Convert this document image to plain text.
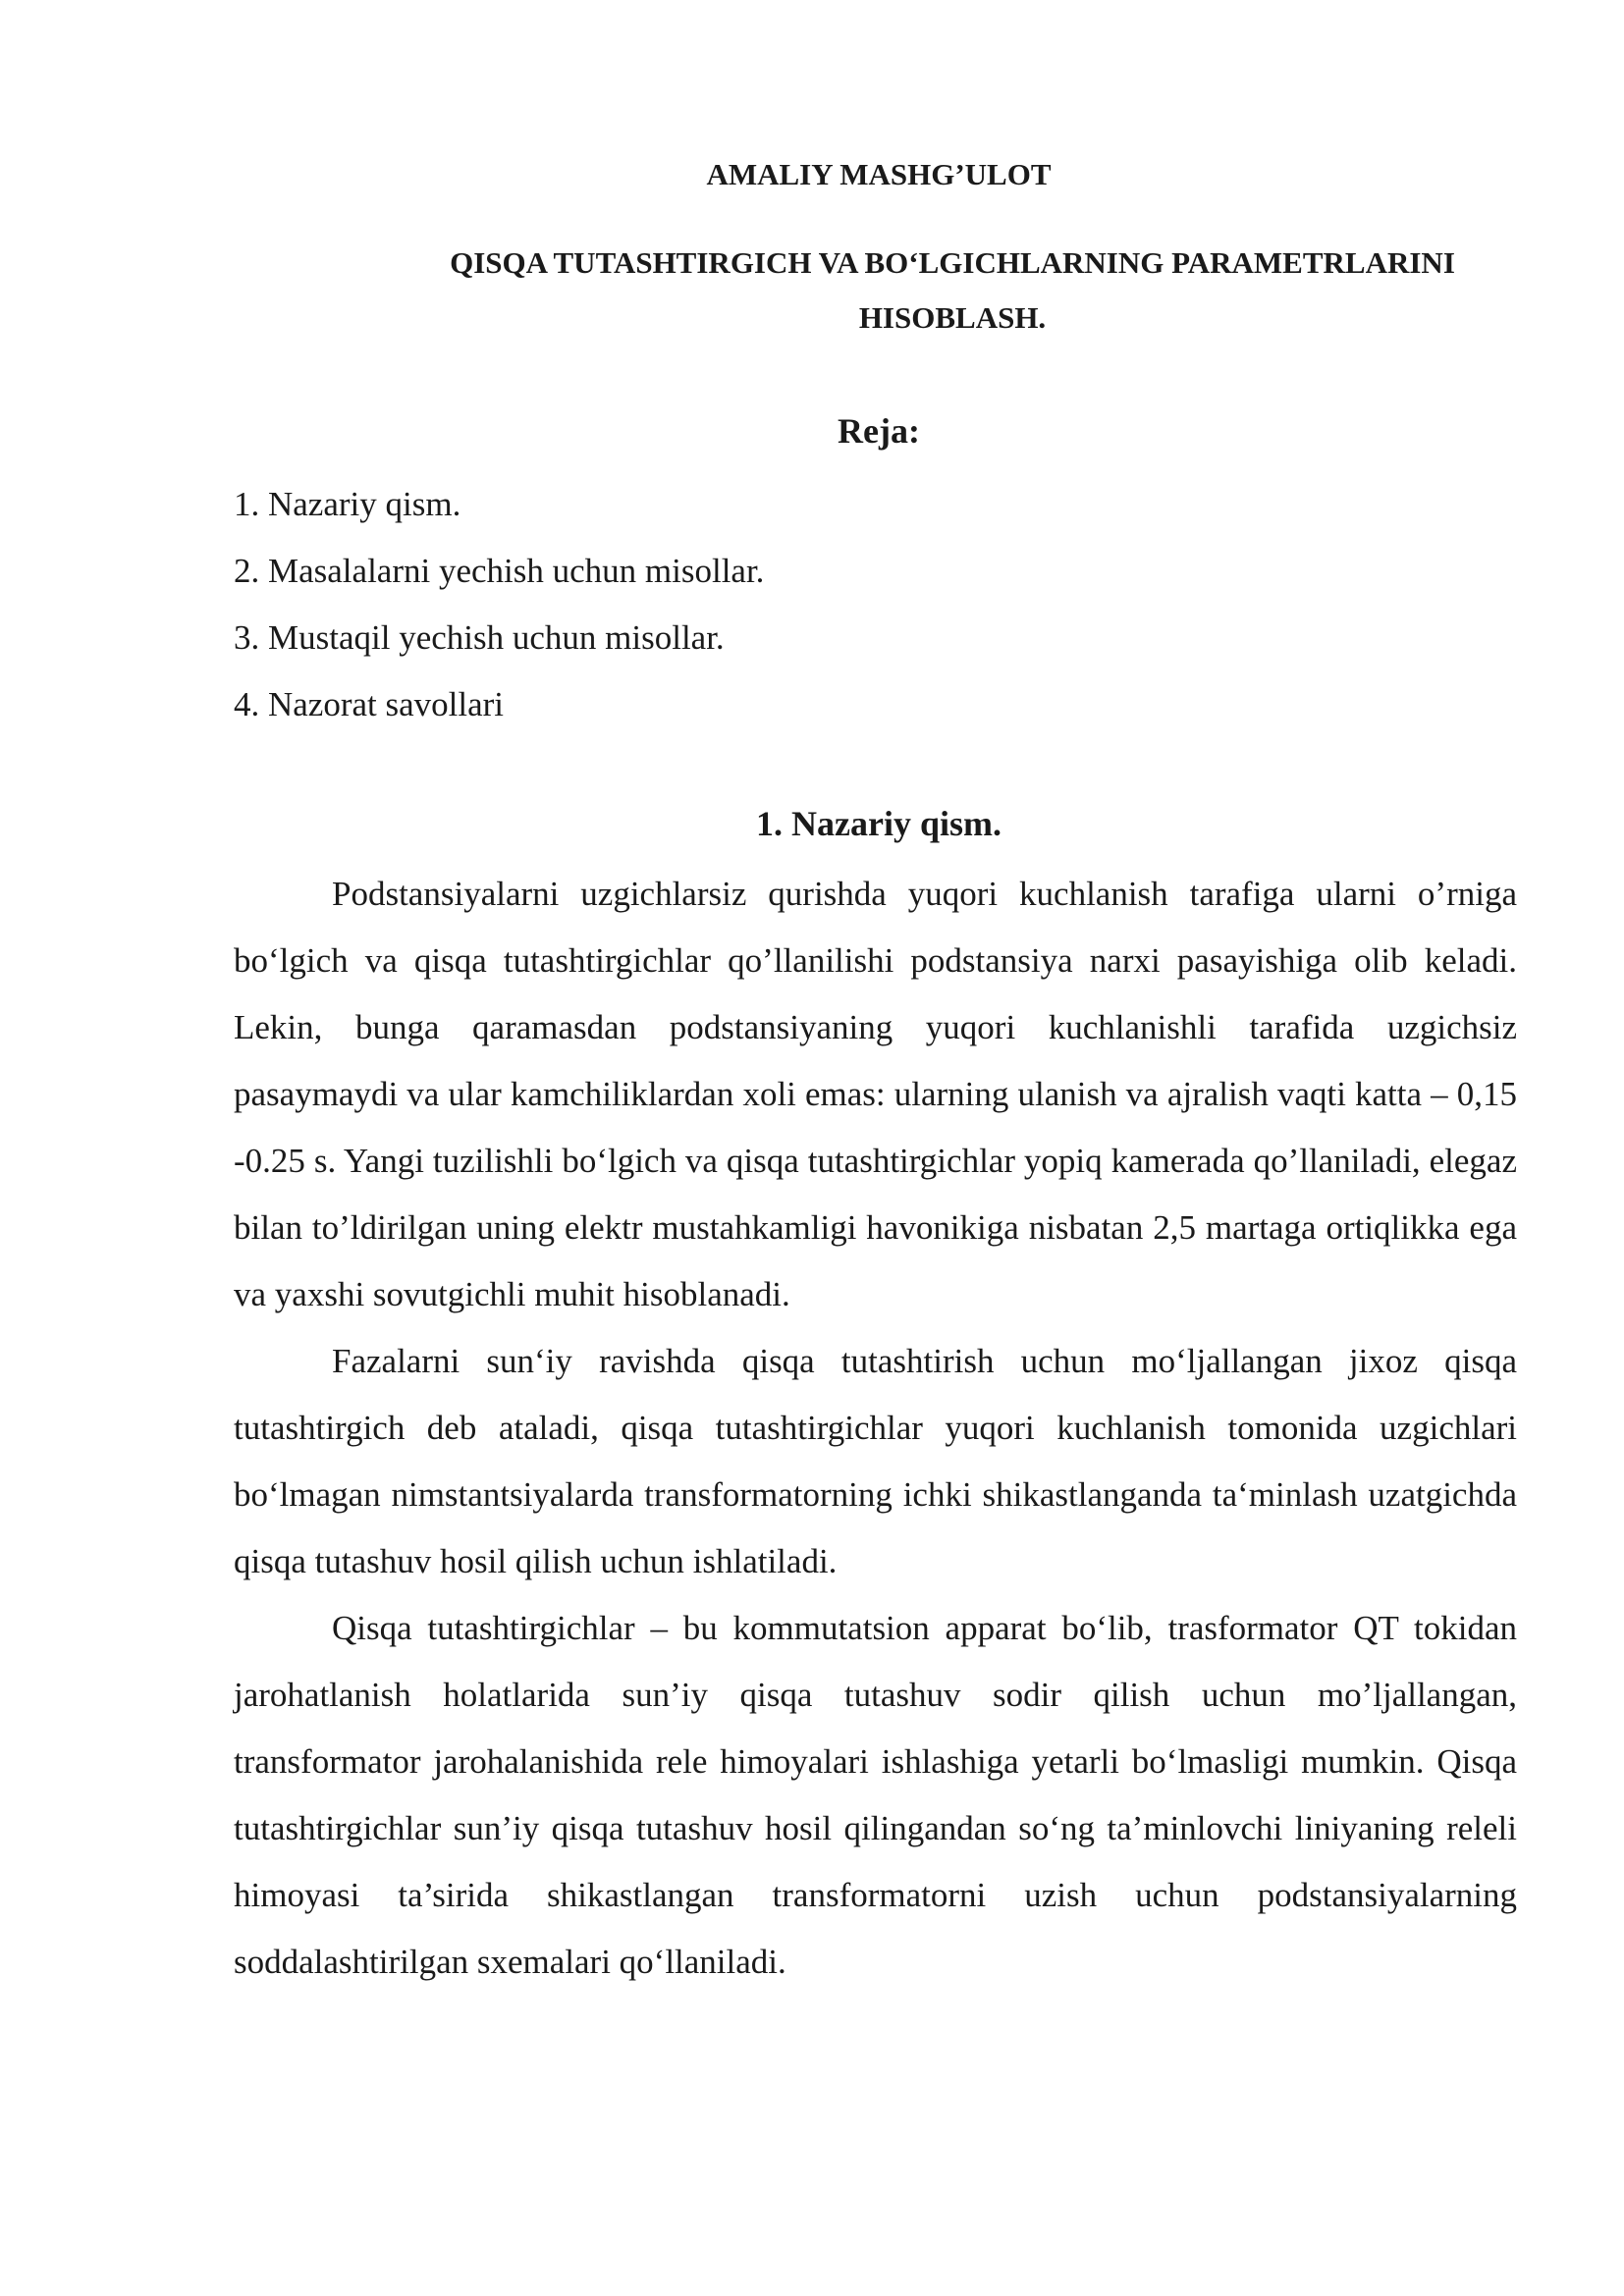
AMALIY MASHG’ULOT
QISQA TUTASHTIRGICH VA BO‘LGICHLARNING PARAMETRLARINI HISOBLASH.
Reja:
1. Nazariy qism.
2. Masalalarni yechish uchun misollar.
3. Mustaqil yechish uchun misollar.
4. Nazorat savollari
1. Nazariy qism.

Podstansiyalarni uzgichlarsiz qurishda yuqori kuchlanish tarafiga ularni o’rniga bo‘lgich va qisqa tutashtirgichlar qo’llanilishi podstansiya narxi pasayishiga olib keladi. Lekin, bunga qaramasdan podstansiyaning yuqori kuchlanishli tarafida uzgichsiz pasaymaydi va ular kamchiliklardan xoli emas: ularning ulanish va ajralish vaqti katta – 0,15 -0.25 s. Yangi tuzilishli bo‘lgich va qisqa tutashtirgichlar yopiq kamerada qo’llaniladi, elegaz bilan to’ldirilgan uning elektr mustahkamligi havonikiga nisbatan 2,5 martaga ortiqlikka ega va yaxshi sovutgichli muhit hisoblanadi.

Fazalarni sun‘iy ravishda qisqa tutashtirish uchun mo‘ljallangan jixoz qisqa tutashtirgich deb ataladi, qisqa tutashtirgichlar yuqori kuchlanish tomonida uzgichlari bo‘lmagan nimstantsiyalarda transformatorning ichki shikastlanganda ta‘minlash uzatgichda qisqa tutashuv hosil qilish uchun ishlatiladi.

Qisqa tutashtirgichlar – bu kommutatsion apparat bo‘lib, trasformator QT tokidan jarohatlanish holatlarida sun’iy qisqa tutashuv sodir qilish uchun mo’ljallangan, transformator jarohalanishida rele himoyalari ishlashiga yetarli bo‘lmasligi mumkin. Qisqa tutashtirgichlar sun’iy qisqa tutashuv hosil qilingandan so‘ng ta’minlovchi liniyaning releli himoyasi ta’sirida shikastlangan transformatorni uzish uchun podstansiyalarning soddalashtirilgan sxemalari qo‘llaniladi.
